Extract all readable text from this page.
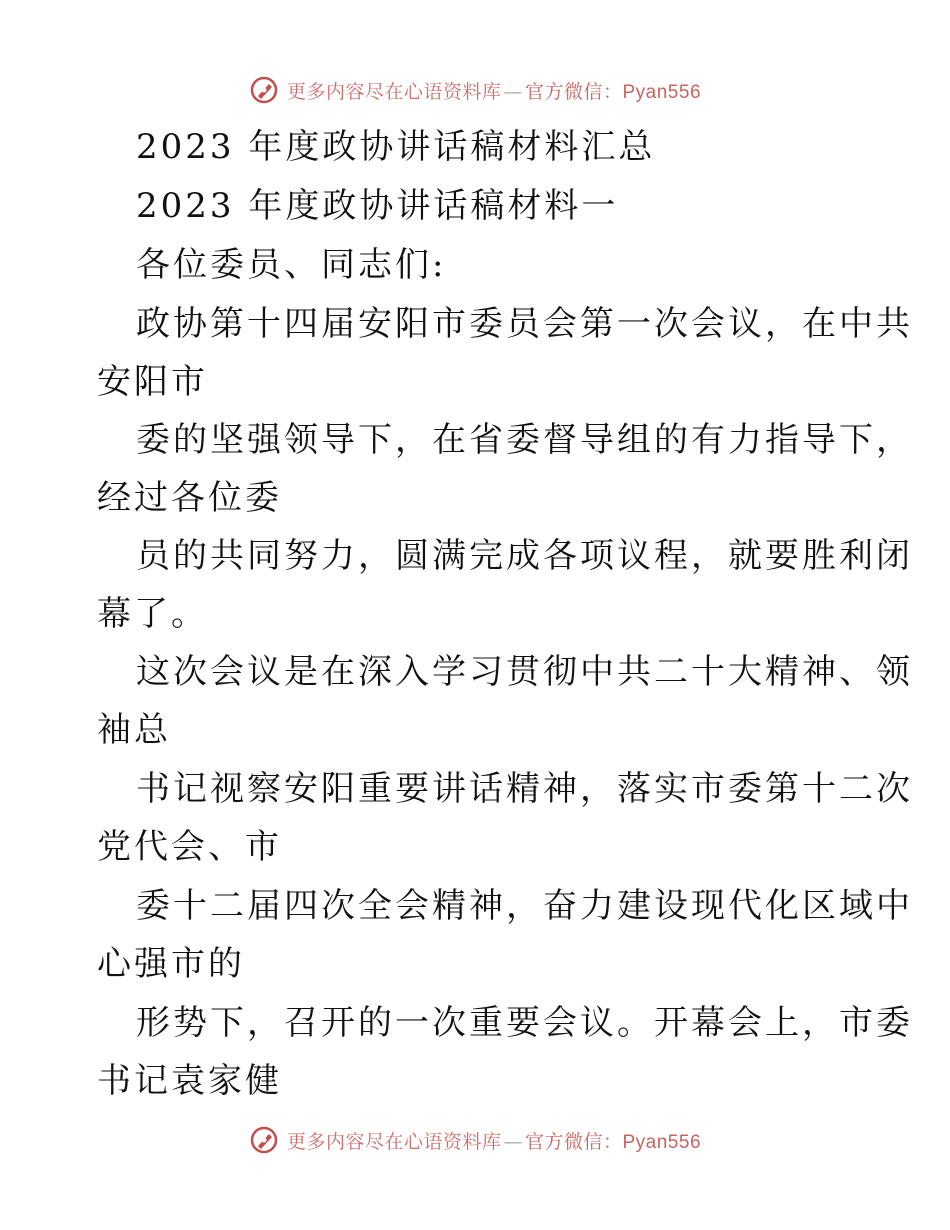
更多内容尽在心语资料库 — 官方微信：Pyan556
2023 年度政协讲话稿材料汇总
2023 年度政协讲话稿材料一
各位委员、同志们:
政协第十四届安阳市委员会第一次会议，在中共
安阳市
委的坚强领导下，在省委督导组的有力指导下，
经过各位委
员的共同努力，圆满完成各项议程，就要胜利闭
幕了。
这次会议是在深入学习贯彻中共二十大精神、领
袖总
书记视察安阳重要讲话精神，落实市委第十二次
党代会、市
委十二届四次全会精神，奋力建设现代化区域中
心强市的
形势下，召开的一次重要会议。开幕会上，市委
书记袁家健
更多内容尽在心语资料库 — 官方微信：Pyan556
